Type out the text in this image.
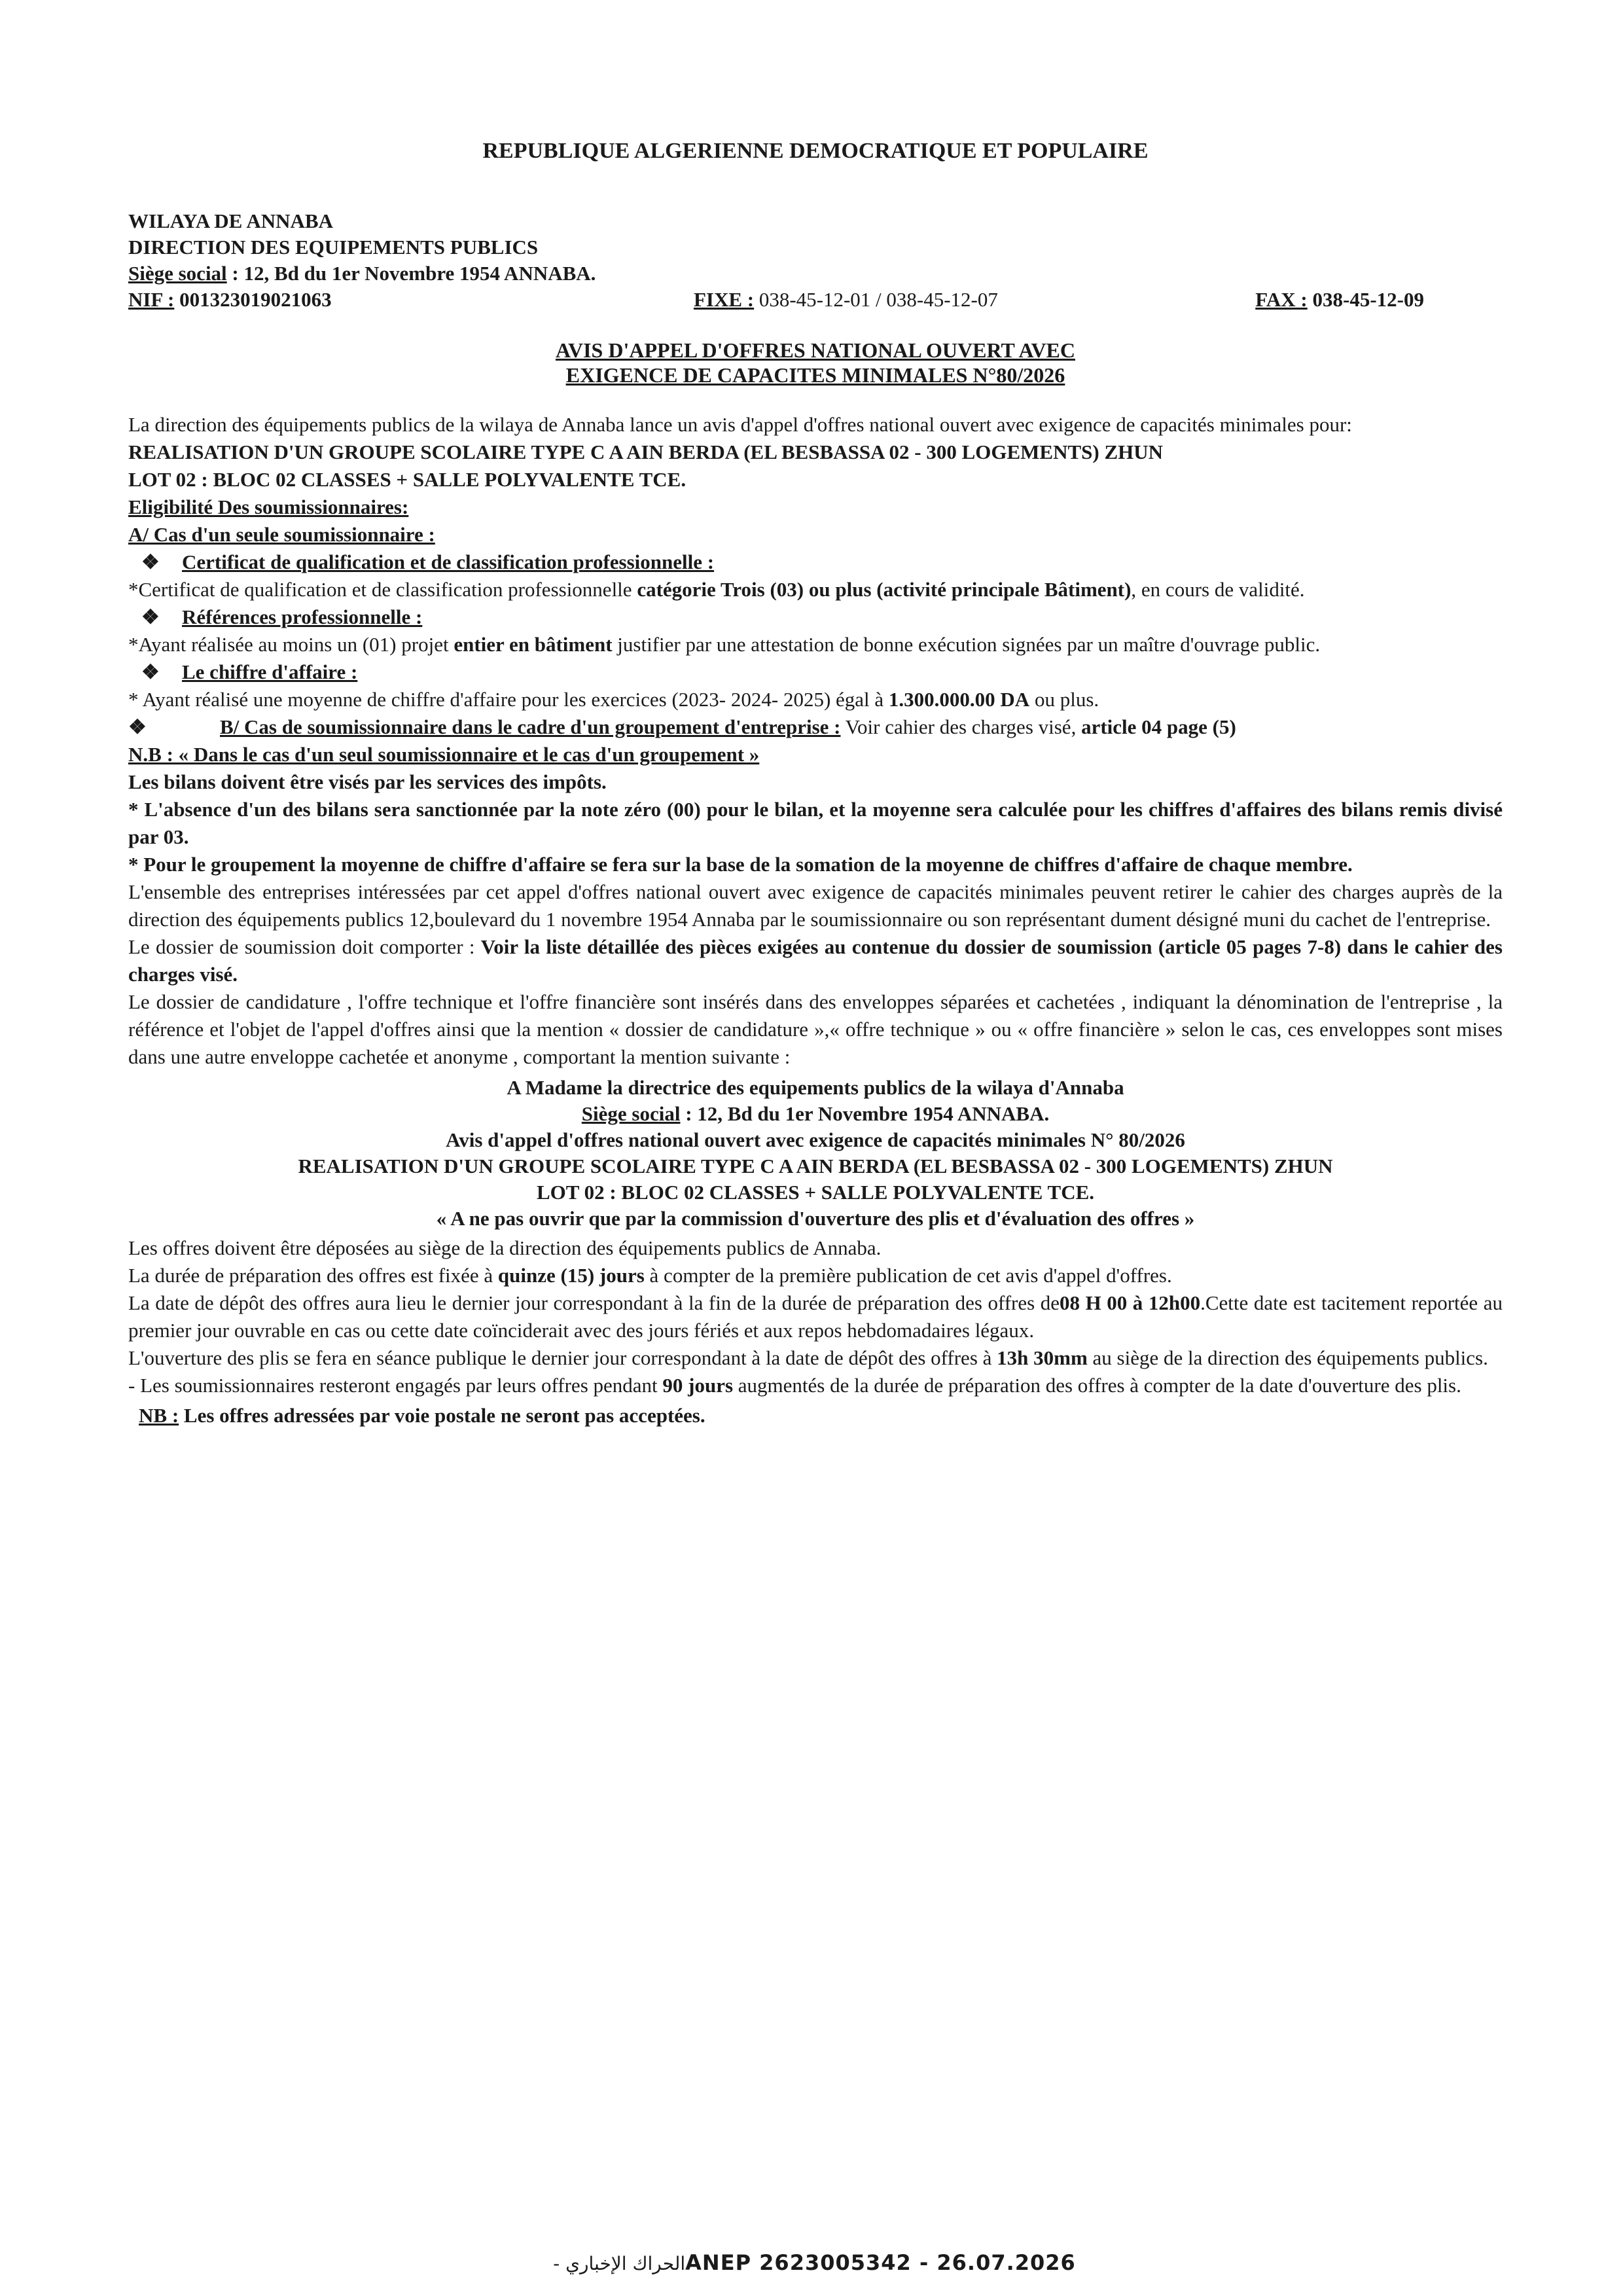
REPUBLIQUE ALGERIENNE DEMOCRATIQUE ET POPULAIRE
WILAYA DE ANNABA
DIRECTION DES EQUIPEMENTS PUBLICS
Siège social : 12, Bd du 1er Novembre 1954 ANNABA.
NIF : 001323019021063	FIXE : 038-45-12-01 / 038-45-12-07	FAX : 038-45-12-09
AVIS D'APPEL D'OFFRES NATIONAL OUVERT AVEC
EXIGENCE DE CAPACITES MINIMALES N°80/2026

La direction des équipements publics de la wilaya de Annaba lance un avis d'appel d'offres national ouvert avec exigence de capacités minimales pour:

REALISATION D'UN GROUPE SCOLAIRE TYPE C A AIN BERDA (EL BESBASSA 02 - 300 LOGEMENTS) ZHUN
LOT 02 : BLOC 02 CLASSES + SALLE POLYVALENTE TCE.
Eligibilité Des soumissionnaires:
A/ Cas d'un seule soumissionnaire :
❖ Certificat de qualification et de classification professionnelle :
*Certificat de qualification et de classification professionnelle catégorie Trois (03) ou plus (activité principale Bâtiment), en cours de validité.
❖ Références professionnelle :
*Ayant réalisée au moins un (01) projet entier en bâtiment justifier par une attestation de bonne exécution signées par un maître d'ouvrage public.
❖ Le chiffre d'affaire :
* Ayant réalisé une moyenne de chiffre d'affaire pour les exercices (2023- 2024- 2025) égal à 1.300.000.00 DA ou plus.
❖	B/ Cas de soumissionnaire dans le cadre d'un groupement d'entreprise : Voir cahier des charges visé, article 04 page (5)
N.B : « Dans le cas d'un seul soumissionnaire et le cas d'un groupement »
Les bilans doivent être visés par les services des impôts.

* L'absence d'un des bilans sera sanctionnée par la note zéro (00) pour le bilan, et la moyenne sera calculée pour les chiffres d'affaires des bilans remis divisé par 03.

* Pour le groupement la moyenne de chiffre d'affaire se fera sur la base de la somation de la moyenne de chiffres d'affaire de chaque membre.

L'ensemble des entreprises intéressées par cet appel d'offres national ouvert avec exigence de capacités minimales peuvent retirer le cahier des charges auprès de la direction des équipements publics 12,boulevard du 1 novembre 1954 Annaba par le soumissionnaire ou son représentant dument désigné muni du cachet de l'entreprise.

Le dossier de soumission doit comporter : Voir la liste détaillée des pièces exigées au contenue du dossier de soumission (article 05 pages 7-8) dans le cahier des charges visé.

Le dossier de candidature , l'offre technique et l'offre financière sont insérés dans des enveloppes séparées et cachetées , indiquant la dénomination de l'entreprise , la référence et l'objet de l'appel d'offres ainsi que la mention « dossier de candidature »,« offre technique » ou « offre financière » selon le cas, ces enveloppes sont mises dans une autre enveloppe cachetée et anonyme , comportant la mention suivante :

A Madame la directrice des equipements publics de la wilaya d'Annaba
Siège social : 12, Bd du 1er Novembre 1954 ANNABA.
Avis d'appel d'offres national ouvert avec exigence de capacités minimales N° 80/2026
REALISATION D'UN GROUPE SCOLAIRE TYPE C A AIN BERDA (EL BESBASSA 02 - 300 LOGEMENTS) ZHUN
LOT 02 : BLOC 02 CLASSES + SALLE POLYVALENTE TCE.
« A ne pas ouvrir que par la commission d'ouverture des plis et d'évaluation des offres »

Les offres doivent être déposées au siège de la direction des équipements publics de Annaba.

La durée de préparation des offres est fixée à quinze (15) jours à compter de la première publication de cet avis d'appel d'offres.

La date de dépôt des offres aura lieu le dernier jour correspondant à la fin de la durée de préparation des offres de08 H 00 à 12h00.Cette date est tacitement reportée au premier jour ouvrable en cas ou cette date coïnciderait avec des jours fériés et aux repos hebdomadaires légaux.

L'ouverture des plis se fera en séance publique le dernier jour correspondant à la date de dépôt des offres à 13h 30mm au siège de la direction des équipements publics.

- Les soumissionnaires resteront engagés par leurs offres pendant 90 jours augmentés de la durée de préparation des offres à compter de la date d'ouverture des plis.

NB : Les offres adressées par voie postale ne seront pas acceptées.
الحراك الإخباري - ANEP 2623005342 - 26.07.2026
